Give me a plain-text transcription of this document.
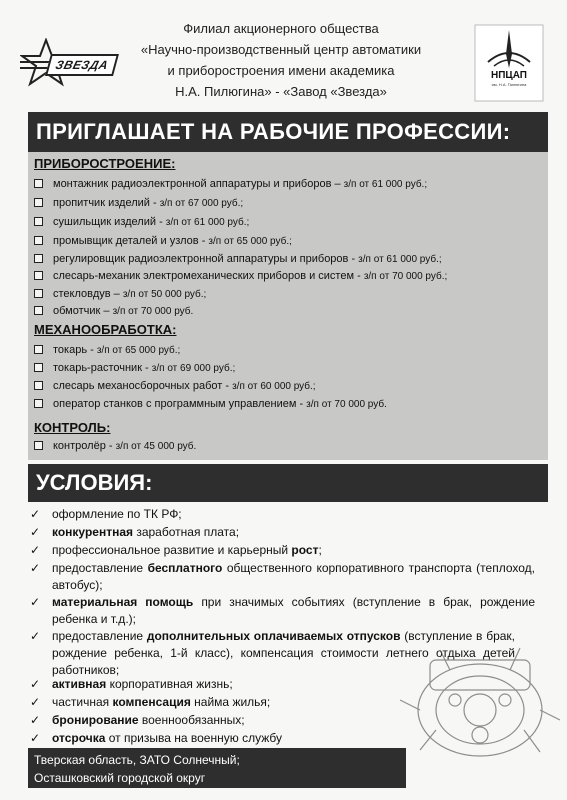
ЗВЕЗДА
Филиал акционерного общества
«Научно-производственный центр автоматики
и приборостроения имени академика
Н.А. Пилюгина» - «Завод «Звезда»
НПЦАП
им. Н.А. Пилюгина
ПРИГЛАШАЕТ НА РАБОЧИЕ ПРОФЕССИИ:
ПРИБОРОСТРОЕНИЕ:
монтажник радиоэлектронной аппаратуры и приборов – з/п от 61 000 руб.;
пропитчик изделий - з/п от 67 000 руб.;
сушильщик изделий - з/п от 61 000 руб.;
промывщик деталей и узлов - з/п от 65 000 руб.;
регулировщик радиоэлектронной аппаратуры и приборов - з/п от 61 000 руб.;
слесарь-механик электромеханических приборов и систем - з/п от 70 000 руб.;
стекловдув – з/п от 50 000 руб.;
обмотчик – з/п от 70 000 руб.
МЕХАНООБРАБОТКА:
токарь - з/п от 65 000 руб.;
токарь-расточник - з/п от 69 000 руб.;
слесарь механосборочных работ - з/п от 60 000 руб.;
оператор станков с программным управлением - з/п от 70 000 руб.
КОНТРОЛЬ:
контролёр - з/п от 45 000 руб.
УСЛОВИЯ:
✓ оформление по ТК РФ;
✓ конкурентная заработная плата;
✓ профессиональное развитие и карьерный рост;
✓ предоставление бесплатного общественного корпоративного транспорта (теплоход, автобус);
✓ материальная помощь при значимых событиях (вступление в брак, рождение ребенка и т.д.);
✓ предоставление дополнительных оплачиваемых отпусков (вступление в брак, рождение ребенка, 1-й класс), компенсация стоимости летнего отдыха детей работников;
✓ активная корпоративная жизнь;
✓ частичная компенсация найма жилья;
✓ бронирование военнообязанных;
✓ отсрочка от призыва на военную службу
Тверская область, ЗАТО Солнечный;
Осташковский городской округ
